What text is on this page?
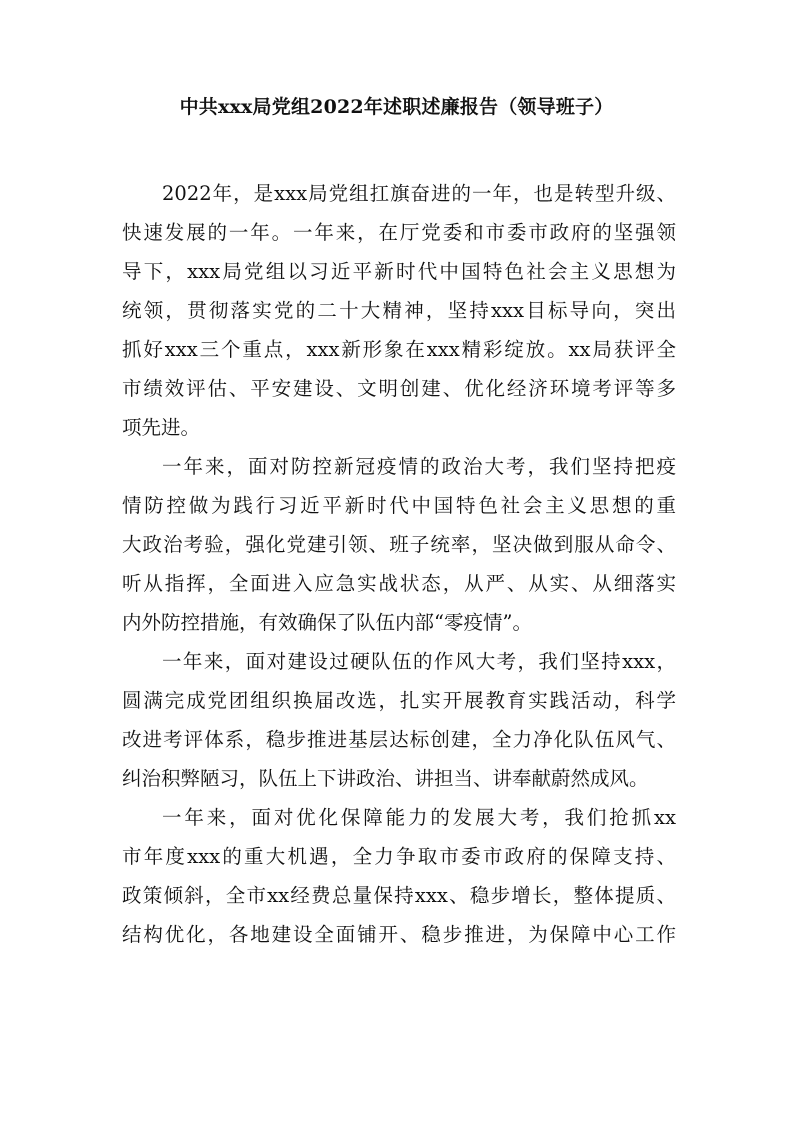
中共xxx局党组2022年述职述廉报告（领导班子）
2022年，是xxx局党组扛旗奋进的一年，也是转型升级、
快速发展的一年。一年来，在厅党委和市委市政府的坚强领
导下，xxx局党组以习近平新时代中国特色社会主义思想为
统领，贯彻落实党的二十大精神，坚持xxx目标导向，突出
抓好xxx三个重点，xxx新形象在xxx精彩绽放。xx局获评全
市绩效评估、平安建设、文明创建、优化经济环境考评等多
项先进。
一年来，面对防控新冠疫情的政治大考，我们坚持把疫
情防控做为践行习近平新时代中国特色社会主义思想的重
大政治考验，强化党建引领、班子统率，坚决做到服从命令、
听从指挥，全面进入应急实战状态，从严、从实、从细落实
内外防控措施，有效确保了队伍内部“零疫情”。
一年来，面对建设过硬队伍的作风大考，我们坚持xxx，
圆满完成党团组织换届改选，扎实开展教育实践活动，科学
改进考评体系，稳步推进基层达标创建，全力净化队伍风气、
纠治积弊陋习，队伍上下讲政治、讲担当、讲奉献蔚然成风。
一年来，面对优化保障能力的发展大考，我们抢抓xx
市年度xxx的重大机遇，全力争取市委市政府的保障支持、
政策倾斜，全市xx经费总量保持xxx、稳步增长，整体提质、
结构优化，各地建设全面铺开、稳步推进，为保障中心工作
